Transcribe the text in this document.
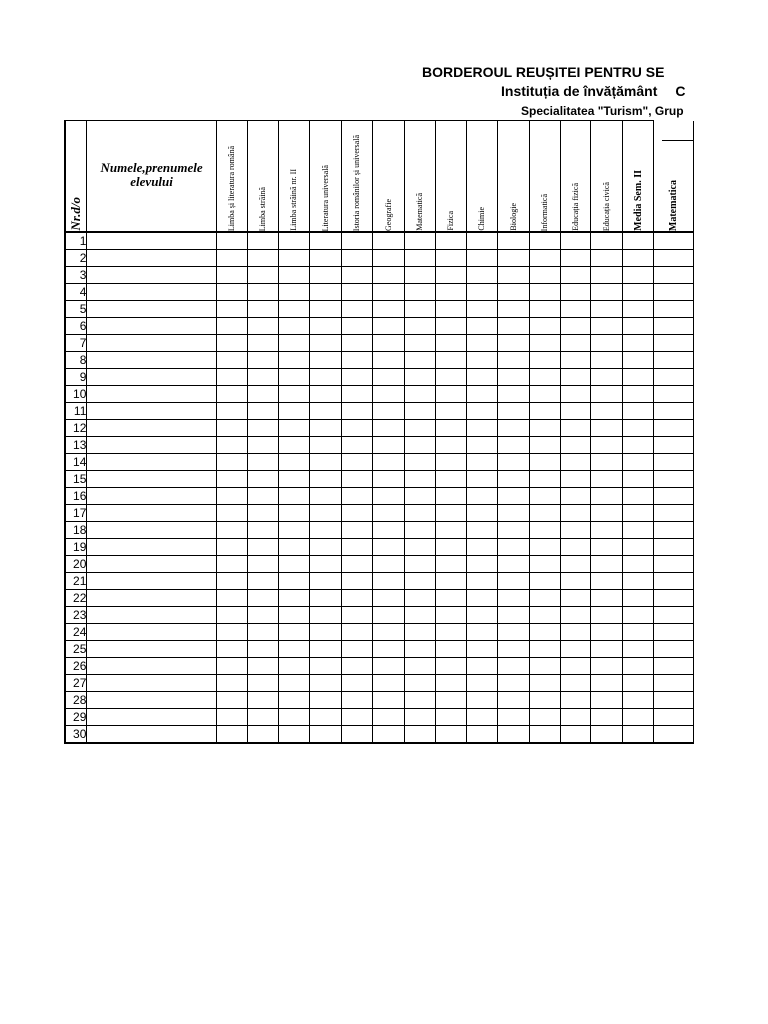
BORDEROUL REUȘITEI PENTRU SE
Instituția de învățământ C
Specialitatea "Turism", Grup
Nr.d/o	Numele,prenumele elevului	Limba și literatura română	Limba străină	Limba străină nr. II	Literatura universală	Istoria românilor și universală	Geografie	Matematică	Fizica	Chimie	Biologie	Informatică	Educația fizică	Educația civică	Media Sem. II	Matematica

1																
2																
3																
4																
5																
6																
7																
8																
9																
10																
11																
12																
13																
14																
15																
16																
17																
18																
19																
20																
21																
22																
23																
24																
25																
26																
27																
28																
29																
30																
